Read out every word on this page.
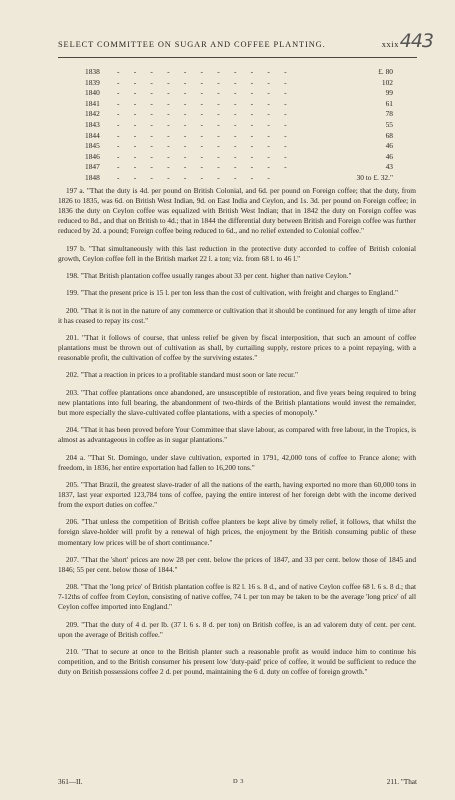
SELECT COMMITTEE ON SUGAR AND COFFEE PLANTING.	xxix 443
1838 - - - - - - - - - - -	£. 80
1839 - - - - - - - - - - -	102
1840 - - - - - - - - - - -	99
1841 - - - - - - - - - - -	61
1842 - - - - - - - - - - -	78
1843 - - - - - - - - - - -	55
1844 - - - - - - - - - - -	68
1845 - - - - - - - - - - -	46
1846 - - - - - - - - - - -	46
1847 - - - - - - - - - - -	43
1848 - - - - - - - - - -	30 to £. 32."

197 a. "That the duty is 4d. per pound on British Colonial, and 6d. per pound on Foreign coffee; that the duty, from 1826 to 1835, was 6d. on British West Indian, 9d. on East India and Ceylon, and 1s. 3d. per pound on Foreign coffee; in 1836 the duty on Ceylon coffee was equalized with British West Indian; that in 1842 the duty on Foreign coffee was reduced to 8d., and that on British to 4d.; that in 1844 the differential duty between British and Foreign coffee was further reduced by 2d. a pound; Foreign coffee being reduced to 6d., and no relief extended to Colonial coffee."

197 b. "That simultaneously with this last reduction in the protective duty accorded to coffee of British colonial growth, Ceylon coffee fell in the British market 22 l. a ton; viz. from 68 l. to 46 l."

198. "That British plantation coffee usually ranges about 33 per cent. higher than native Ceylon."

199. "That the present price is 15 l. per ton less than the cost of cultivation, with freight and charges to England."

200. "That it is not in the nature of any commerce or cultivation that it should be continued for any length of time after it has ceased to repay its cost."

201. "That it follows of course, that unless relief be given by fiscal interposition, that such an amount of coffee plantations must be thrown out of cultivation as shall, by curtailing supply, restore prices to a point repaying, with a reasonable profit, the cultivation of coffee by the surviving estates."

202. "That a reaction in prices to a profitable standard must soon or late recur."

203. "That coffee plantations once abandoned, are unsusceptible of restoration, and five years being required to bring new plantations into full bearing, the abandonment of two-thirds of the British plantations would invest the remainder, but more especially the slave-cultivated coffee plantations, with a species of monopoly."

204. "That it has been proved before Your Committee that slave labour, as compared with free labour, in the Tropics, is almost as advantageous in coffee as in sugar plantations."

204 a. "That St. Domingo, under slave cultivation, exported in 1791, 42,000 tons of coffee to France alone; with freedom, in 1836, her entire exportation had fallen to 16,200 tons."

205. "That Brazil, the greatest slave-trader of all the nations of the earth, having exported no more than 60,000 tons in 1837, last year exported 123,784 tons of coffee, paying the entire interest of her foreign debt with the income derived from the export duties on coffee."

206. "That unless the competition of British coffee planters be kept alive by timely relief, it follows, that whilst the foreign slave-holder will profit by a renewal of high prices, the enjoyment by the British consuming public of these momentary low prices will be of short continuance."

207. "That the 'short' prices are now 28 per cent. below the prices of 1847, and 33 per cent. below those of 1845 and 1846; 55 per cent. below those of 1844."

208. "That the 'long price' of British plantation coffee is 82 l. 16 s. 8 d., and of native Ceylon coffee 68 l. 6 s. 8 d.; that 7-12ths of coffee from Ceylon, consisting of native coffee, 74 l. per ton may be taken to be the average 'long price' of all Ceylon coffee imported into England."

209. "That the duty of 4 d. per lb. (37 l. 6 s. 8 d. per ton) on British coffee, is an ad valorem duty of cent. per cent. upon the average of British coffee."

210. "That to secure at once to the British planter such a reasonable profit as would induce him to continue his competition, and to the British consumer his present low 'duty-paid' price of coffee, it would be sufficient to reduce the duty on British possessions coffee 2 d. per pound, maintaining the 6 d. duty on coffee of foreign growth."

361—II.	D 3	211. "That
